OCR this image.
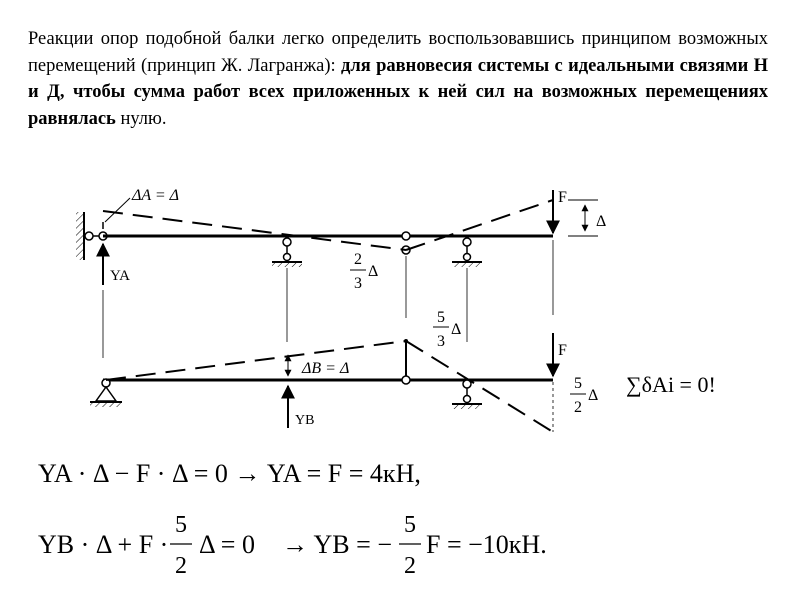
Реакции опор подобной балки легко определить воспользовавшись принципом возможных перемещений (принцип Ж. Лагранжа): для равновесия системы с идеальными связями Н и Д, чтобы сумма работ всех приложенных к ней сил на возможных перемещениях равнялась нулю.

ΔA = Δ	F
Δ
YA
2
3
Δ
5
3
Δ
F
ΔB = Δ
5
2
Δ
YB
∑δAi = 0!
YA · Δ − F · Δ = 0 → YA = F = 4кН,
YB · Δ + F ·
5
2
Δ = 0 → YB = −
5
2
F = −10кН.
